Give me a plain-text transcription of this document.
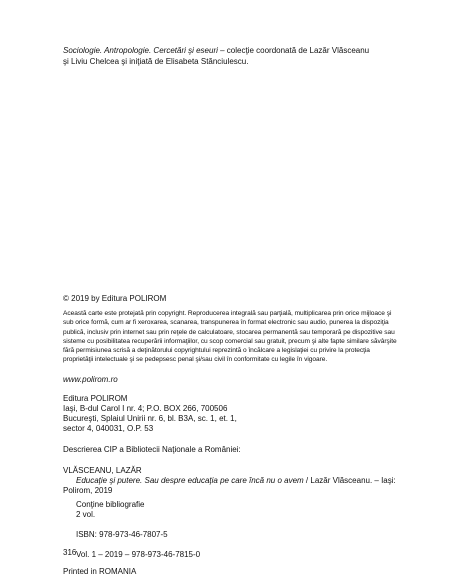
Sociologie. Antropologie. Cercetări şi eseuri – colecţie coordonată de Lazăr Vlăsceanu
şi Liviu Chelcea şi iniţiată de Elisabeta Stănciulescu.
© 2019 by Editura POLIROM
Această carte este protejată prin copyright. Reproducerea integrală sau parţială, multiplicarea prin orice mijloace şi sub orice formă, cum ar fi xeroxarea, scanarea, transpunerea în format electronic sau audio, punerea la dispoziţia publică, inclusiv prin internet sau prin reţele de calculatoare, stocarea permanentă sau temporară pe dispozitive sau sisteme cu posibilitatea recuperării informaţiilor, cu scop comercial sau gratuit, precum şi alte fapte similare săvârşite fără permisiunea scrisă a deţinătorului copyrightului reprezintă o încălcare a legislaţiei cu privire la protecţia proprietăţii intelectuale şi se pedepsesc penal şi/sau civil în conformitate cu legile în vigoare.
www.polirom.ro
Editura POLIROM
Iaşi, B-dul Carol I nr. 4; P.O. BOX 266, 700506
Bucureşti, Splaiul Unirii nr. 6, bl. B3A, sc. 1, et. 1,
sector 4, 040031, O.P. 53
Descrierea CIP a Bibliotecii Naţionale a României:
VLĂSCEANU, LAZĂR
Educaţie şi putere. Sau despre educaţia pe care încă nu o avem / Lazăr Vlăsceanu. – Iaşi:
Polirom, 2019
Conţine bibliografie
2 vol.
ISBN: 978-973-46-7807-5
Vol. 1 – 2019 – 978-973-46-7815-0
316
Printed in ROMANIA
